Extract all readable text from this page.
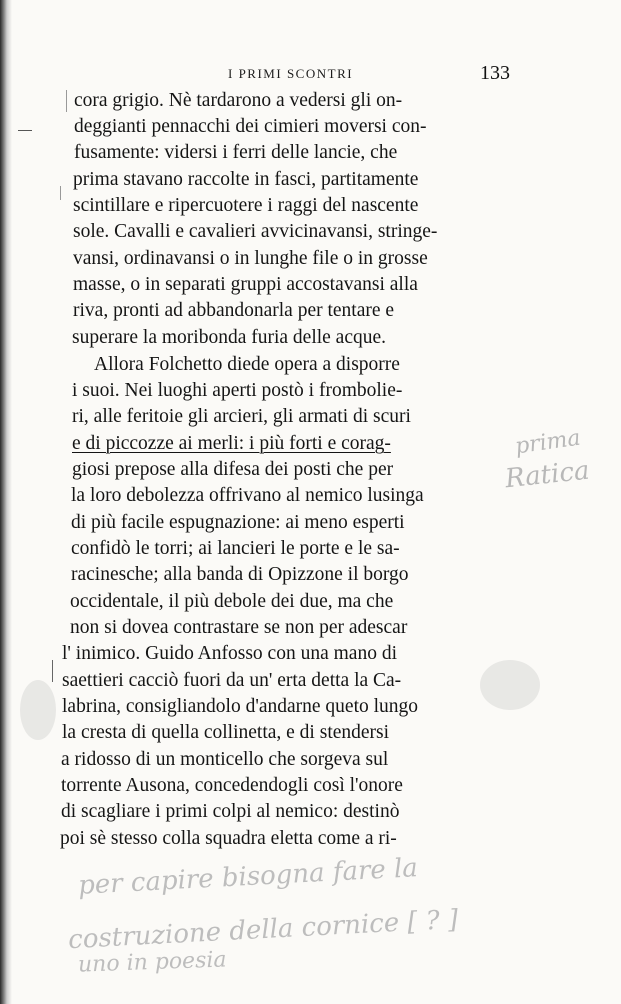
I PRIMI SCONTRI	133
cora grigio. Nè tardarono a vedersi gli on-
deggianti pennacchi dei cimieri moversi con-
fusamente: vidersi i ferri delle lancie, che
prima stavano raccolte in fasci, partitamente
scintillare e ripercuotere i raggi del nascente
sole. Cavalli e cavalieri avvicinavansi, stringe-
vansi, ordinavansi o in lunghe file o in grosse
masse, o in separati gruppi accostavansi alla
riva, pronti ad abbandonarla per tentare e
superare la moribonda furia delle acque.
Allora Folchetto diede opera a disporre
i suoi. Nei luoghi aperti postò i frombolie-
ri, alle feritoie gli arcieri, gli armati di scuri
e di piccozze ai merli: i più forti e corag-
giosi prepose alla difesa dei posti che per
la loro debolezza offrivano al nemico lusinga
di più facile espugnazione: ai meno esperti
confidò le torri; ai lancieri le porte e le sa-
racinesche; alla banda di Opizzone il borgo
occidentale, il più debole dei due, ma che
non si dovea contrastare se non per adescar
l' inimico. Guido Anfosso con una mano di
saettieri cacciò fuori da un' erta detta la Ca-
labrina, consigliandolo d'andarne queto lungo
la cresta di quella collinetta, e di stendersi
a ridosso di un monticello che sorgeva sul
torrente Ausona, concedendogli così l'onore
di scagliare i primi colpi al nemico: destinò
poi sè stesso colla squadra eletta come a ri-
prima
Ratica
per capire bisogna fare la
costruzione della cornice [ ? ]
uno in poesia
